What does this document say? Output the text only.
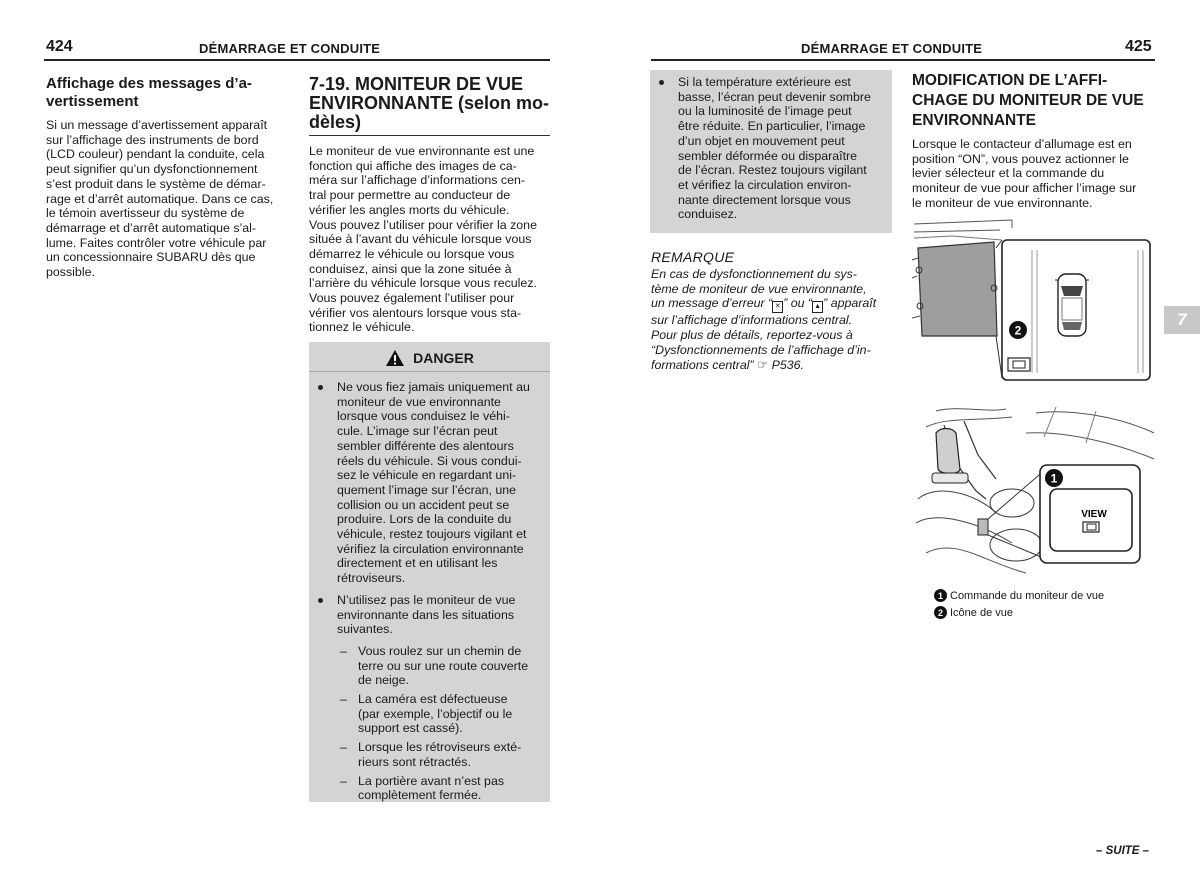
424	DÉMARRAGE ET CONDUITE
Affichage des messages d’a-
vertissement

Si un message d’avertissement apparaît
sur l’affichage des instruments de bord
(LCD couleur) pendant la conduite, cela
peut signifier qu’un dysfonctionnement
s’est produit dans le système de démar-
rage et d’arrêt automatique. Dans ce cas,
le témoin avertisseur du système de
démarrage et d’arrêt automatique s’al-
lume. Faites contrôler votre véhicule par
un concessionnaire SUBARU dès que
possible.

7-19. MONITEUR DE VUE
ENVIRONNANTE (selon mo-
dèles)

Le moniteur de vue environnante est une
fonction qui affiche des images de ca-
méra sur l’affichage d’informations cen-
tral pour permettre au conducteur de
vérifier les angles morts du véhicule.
Vous pouvez l’utiliser pour vérifier la zone
située à l’avant du véhicule lorsque vous
démarrez le véhicule ou lorsque vous
conduisez, ainsi que la zone située à
l’arrière du véhicule lorsque vous reculez.
Vous pouvez également l’utiliser pour
vérifier vos alentours lorsque vous sta-
tionnez le véhicule.

DANGER
Ne vous fiez jamais uniquement au
moniteur de vue environnante
lorsque vous conduisez le véhi-
cule. L’image sur l’écran peut
sembler différente des alentours
réels du véhicule. Si vous condui-
sez le véhicule en regardant uni-
quement l’image sur l’écran, une
collision ou un accident peut se
produire. Lors de la conduite du
véhicule, restez toujours vigilant et
vérifiez la circulation environnante
directement et en utilisant les
rétroviseurs.
N’utilisez pas le moniteur de vue
environnante dans les situations
suivantes.
– Vous roulez sur un chemin de
terre ou sur une route couverte
de neige.
– La caméra est défectueuse
(par exemple, l’objectif ou le
support est cassé).
– Lorsque les rétroviseurs exté-
rieurs sont rétractés.
– La portière avant n’est pas
complètement fermée.
DÉMARRAGE ET CONDUITE	425
Si la température extérieure est
basse, l’écran peut devenir sombre
ou la luminosité de l’image peut
être réduite. En particulier, l’image
d’un objet en mouvement peut
sembler déformée ou disparaître
de l’écran. Restez toujours vigilant
et vérifiez la circulation environ-
nante directement lorsque vous
conduisez.

REMARQUE

En cas de dysfonctionnement du sys-
tème de moniteur de vue environnante,
un message d’erreur “ ✕ ” ou “ ▲ ” apparaît
sur l’affichage d’informations central.
Pour plus de détails, reportez-vous à
“Dysfonctionnements de l’affichage d’in-
formations central” ☞ P536.

MODIFICATION DE L’AFFI-
CHAGE DU MONITEUR DE VUE
ENVIRONNANTE

Lorsque le contacteur d’allumage est en
position “ON”, vous pouvez actionner le
levier sélecteur et la commande du
moniteur de vue pour afficher l’image sur
le moniteur de vue environnante.

2
VIEW
1
1 Commande du moniteur de vue
2 Icône de vue
7
– SUITE –
